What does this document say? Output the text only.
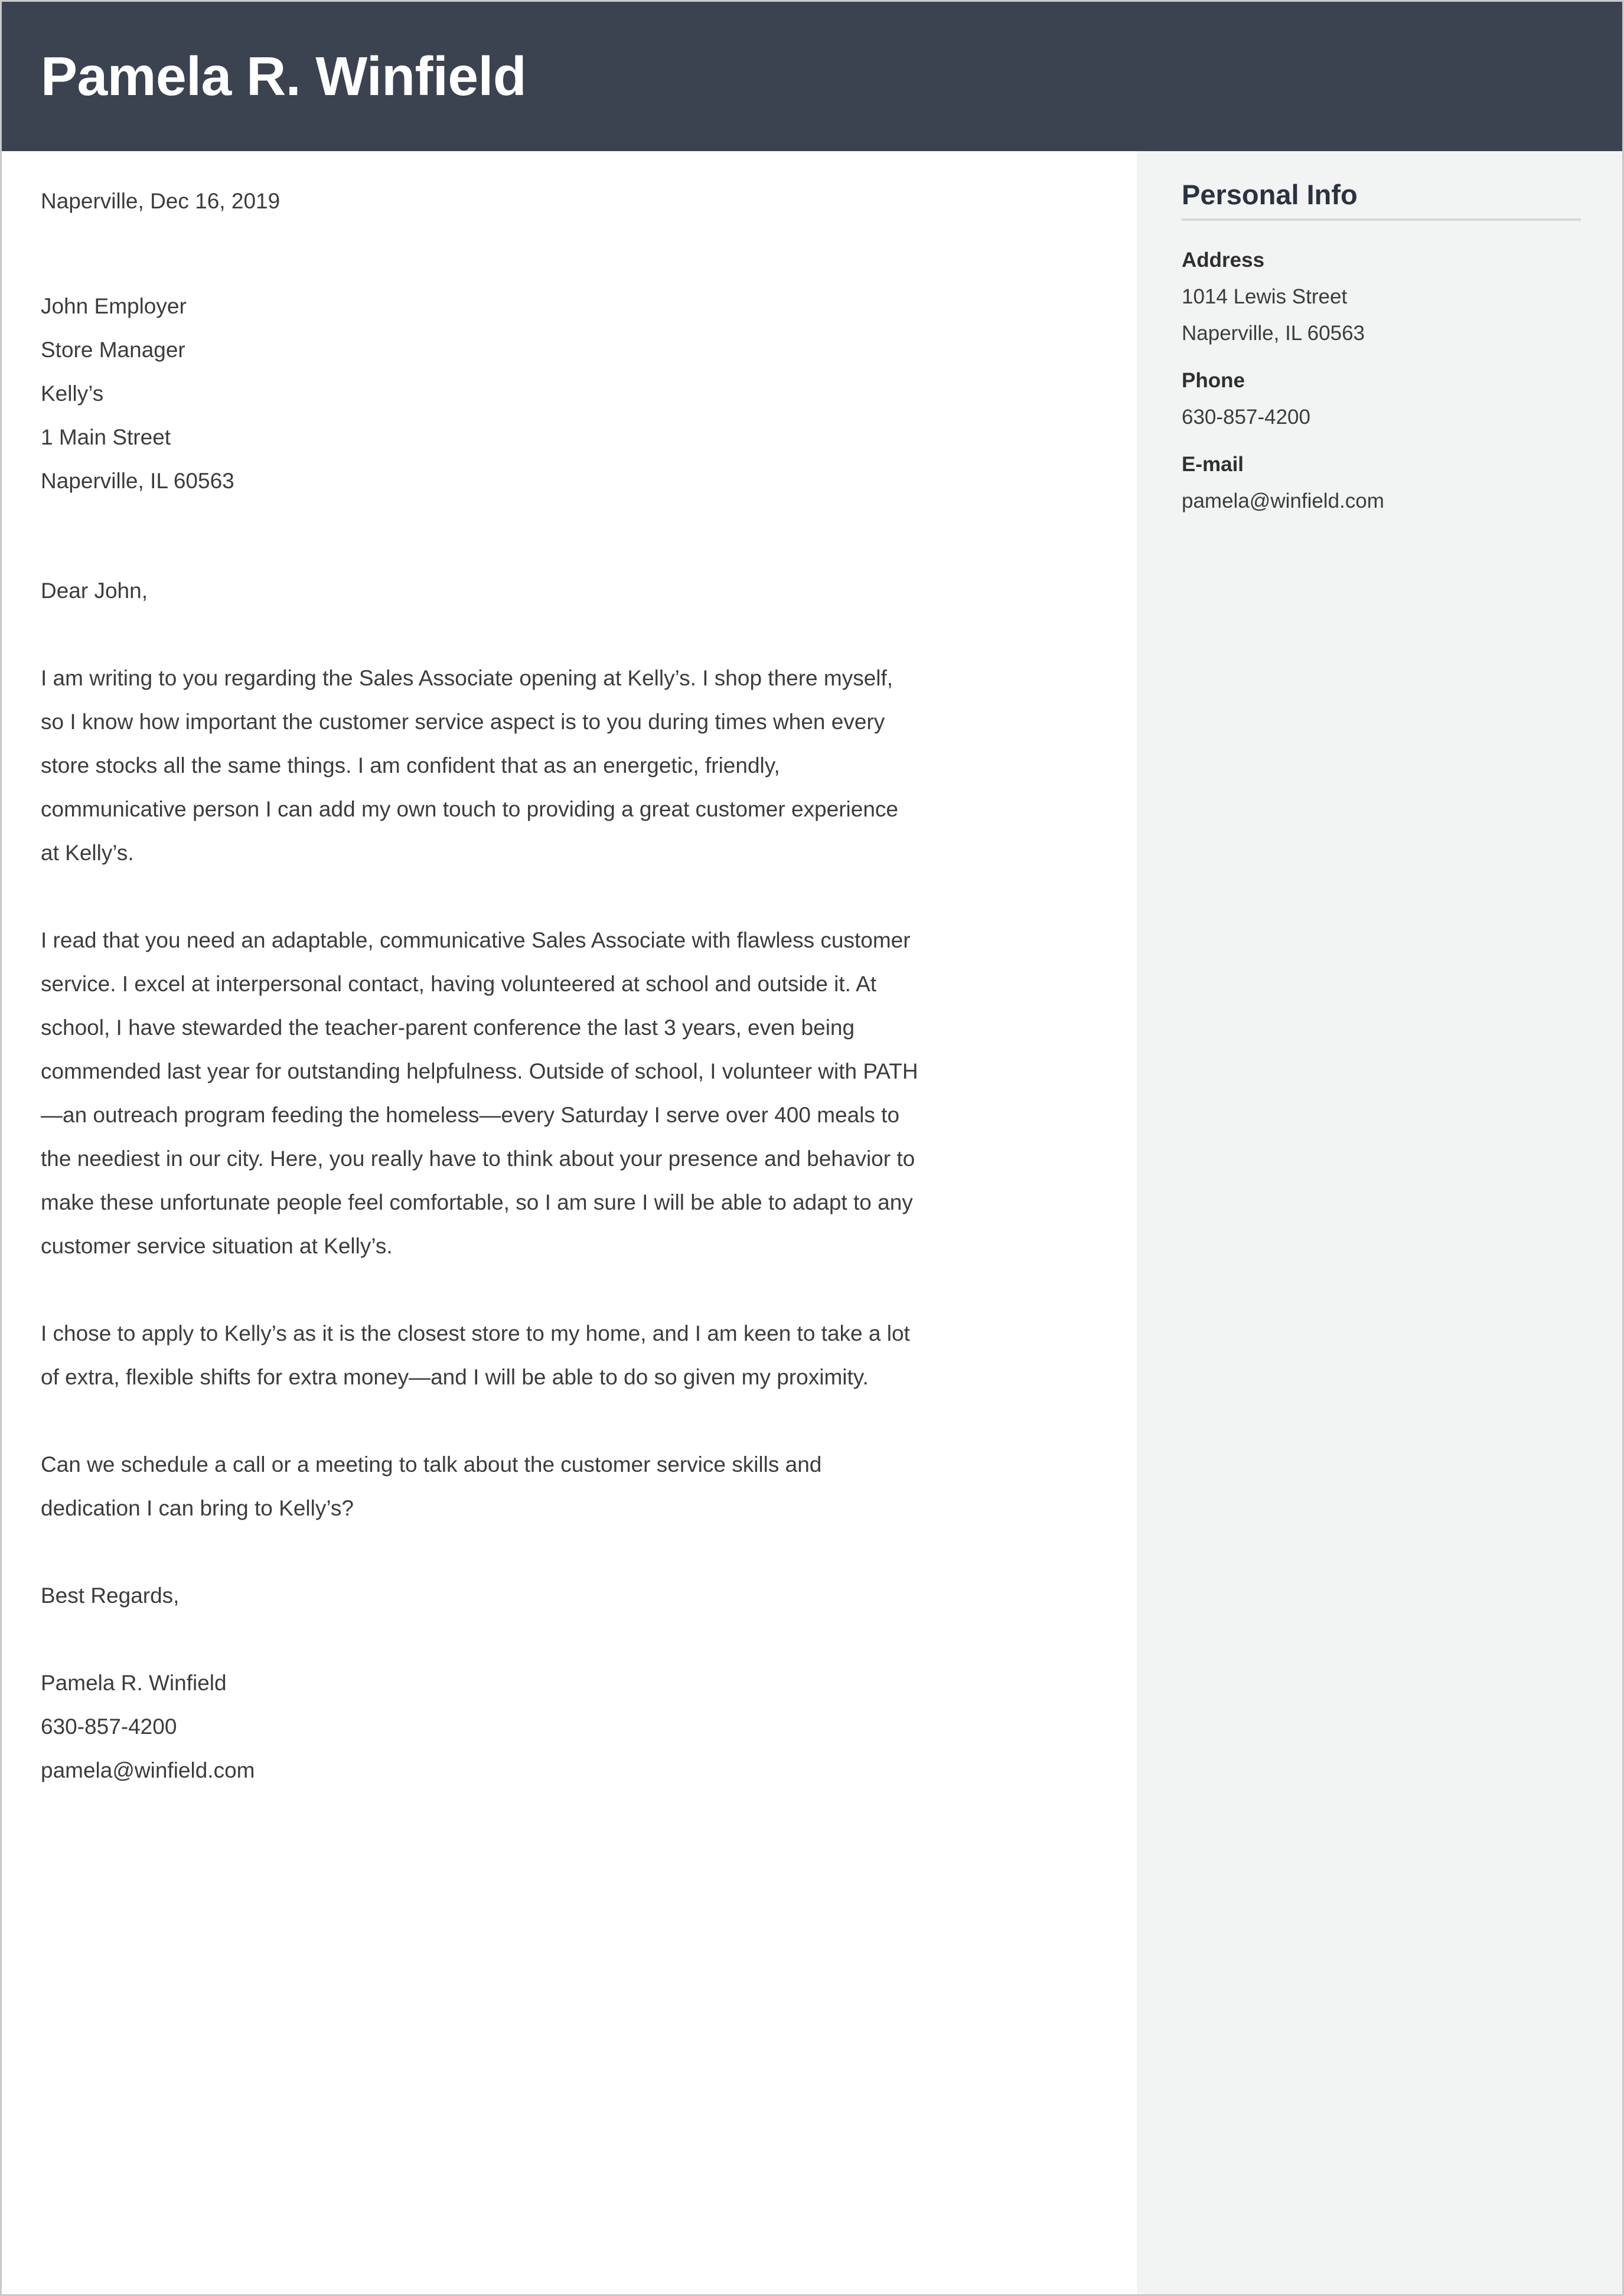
Pamela R. Winfield
Naperville, Dec 16, 2019
John Employer
Store Manager
Kelly’s
1 Main Street
Naperville, IL 60563
Dear John,
I am writing to you regarding the Sales Associate opening at Kelly’s. I shop there myself,
so I know how important the customer service aspect is to you during times when every
store stocks all the same things. I am confident that as an energetic, friendly,
communicative person I can add my own touch to providing a great customer experience
at Kelly’s.
I read that you need an adaptable, communicative Sales Associate with flawless customer
service. I excel at interpersonal contact, having volunteered at school and outside it. At
school, I have stewarded the teacher-parent conference the last 3 years, even being
commended last year for outstanding helpfulness. Outside of school, I volunteer with PATH
—an outreach program feeding the homeless—every Saturday I serve over 400 meals to
the neediest in our city. Here, you really have to think about your presence and behavior to
make these unfortunate people feel comfortable, so I am sure I will be able to adapt to any
customer service situation at Kelly’s.
I chose to apply to Kelly’s as it is the closest store to my home, and I am keen to take a lot
of extra, flexible shifts for extra money—and I will be able to do so given my proximity.
Can we schedule a call or a meeting to talk about the customer service skills and
dedication I can bring to Kelly’s?
Best Regards,
Pamela R. Winfield
630-857-4200
pamela@winfield.com
Personal Info
Address
1014 Lewis Street
Naperville, IL 60563
Phone
630-857-4200
E-mail
pamela@winfield.com
